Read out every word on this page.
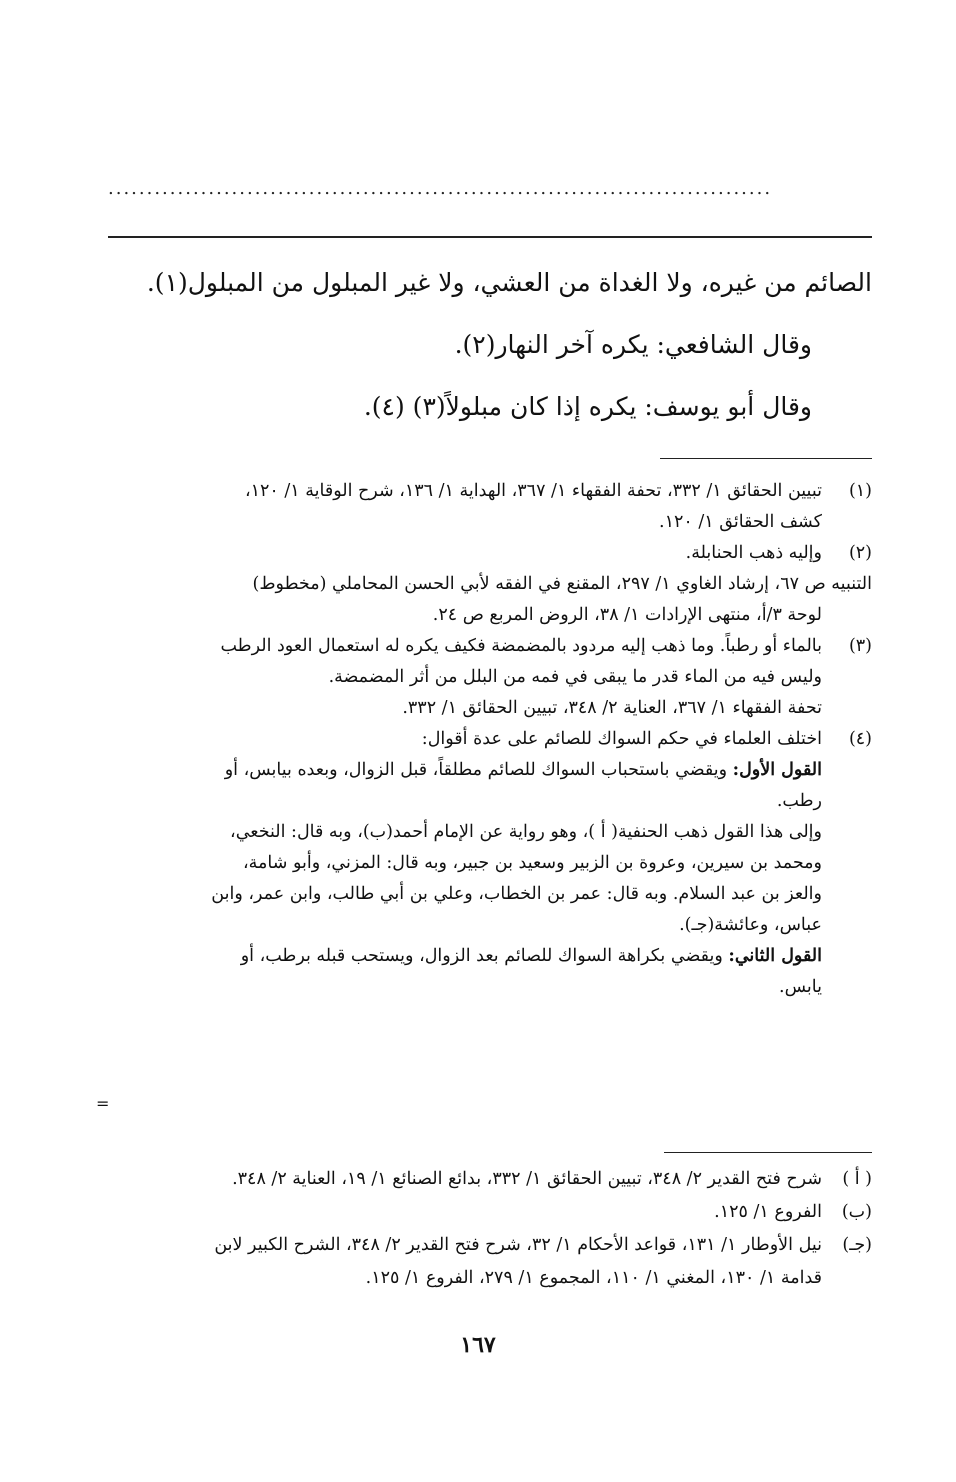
......................................................................................

الصائم من غيره، ولا الغداة من العشي، ولا غير المبلول من المبلول(١).

وقال الشافعي: يكره آخر النهار(٢).

وقال أبو يوسف: يكره إذا كان مبلولاً(٣) (٤).

(١)
تبيين الحقائق ١/ ٣٣٢، تحفة الفقهاء ١/ ٣٦٧، الهداية ١/ ١٣٦، شرح الوقاية ١/ ١٢٠،
كشف الحقائق ١/ ١٢٠.
(٢)
وإليه ذهب الحنابلة.
التنبيه ص ٦٧، إرشاد الغاوي ١/ ٢٩٧، المقنع في الفقه لأبي الحسن المحاملي (مخطوط)
لوحة ٣/أ، منتهى الإرادات ١/ ٣٨، الروض المربع ص ٢٤.
(٣)
بالماء أو رطباً. وما ذهب إليه مردود بالمضمضة فكيف يكره له استعمال العود الرطب
وليس فيه من الماء قدر ما يبقى في فمه من البلل من أثر المضمضة.
تحفة الفقهاء ١/ ٣٦٧، العناية ٢/ ٣٤٨، تبيين الحقائق ١/ ٣٣٢.
(٤)
اختلف العلماء في حكم السواك للصائم على عدة أقوال:
القول الأول: ويقضي باستحباب السواك للصائم مطلقاً، قبل الزوال، وبعده بيابس، أو
رطب.
وإلى هذا القول ذهب الحنفية( أ )، وهو رواية عن الإمام أحمد(ب)، وبه قال: النخعي،
ومحمد بن سيرين، وعروة بن الزبير وسعيد بن جبير، وبه قال: المزني، وأبو شامة،
والعز بن عبد السلام. وبه قال: عمر بن الخطاب، وعلي بن أبي طالب، وابن عمر، وابن
عباس، وعائشة(جـ).
القول الثاني: ويقضي بكراهة السواك للصائم بعد الزوال، ويستحب قبله برطب، أو
يابس.
=
( أ )
شرح فتح القدير ٢/ ٣٤٨، تبيين الحقائق ١/ ٣٣٢، بدائع الصنائع ١/ ١٩، العناية ٢/ ٣٤٨.
(ب)
الفروع ١/ ١٢٥.
(جـ)
نيل الأوطار ١/ ١٣١، قواعد الأحكام ١/ ٣٢، شرح فتح القدير ٢/ ٣٤٨، الشرح الكبير لابن
قدامة ١/ ١٣٠، المغني ١/ ١١٠، المجموع ١/ ٢٧٩، الفروع ١/ ١٢٥.
١٦٧
